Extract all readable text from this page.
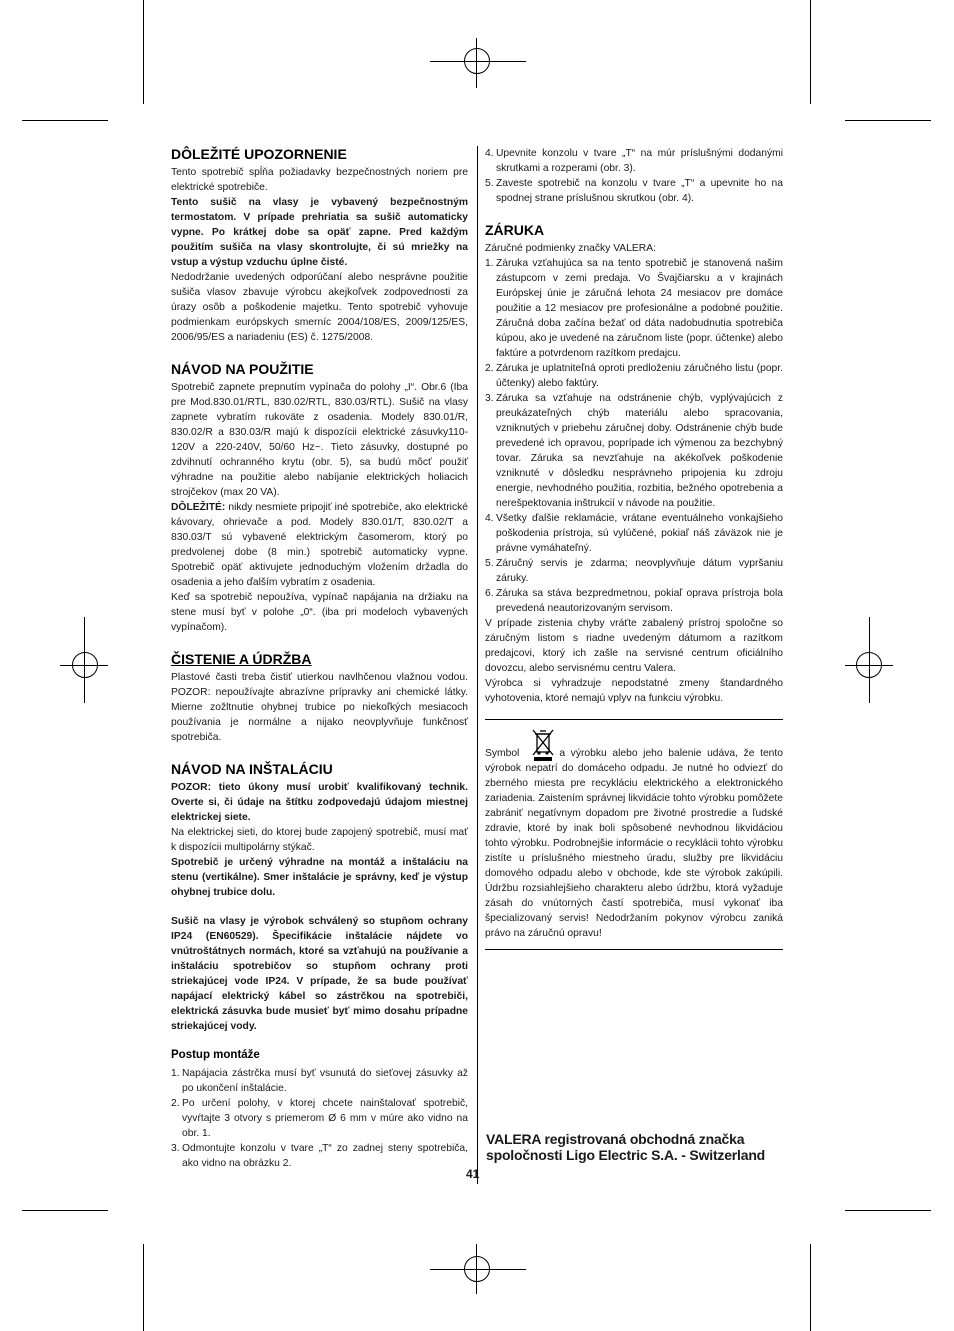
DÔLEŽITÉ UPOZORNENIE

Tento spotrebič spĺňa požiadavky bezpečnostných noriem pre elektrické spotrebiče.

Tento sušič na vlasy je vybavený bezpečnostným termostatom. V prípade prehriatia sa sušič automaticky vypne. Po krátkej dobe sa opäť zapne. Pred každým použitím sušiča na vlasy skontrolujte, či sú mriežky na vstup a výstup vzduchu úplne čisté.

Nedodržanie uvedených odporúčaní alebo nesprávne použitie sušiča vlasov zbavuje výrobcu akejkoľvek zodpovednosti za úrazy osôb a poškodenie majetku. Tento spotrebič vyhovuje podmienkam európskych smerníc 2004/108/ES, 2009/125/ES, 2006/95/ES a nariadeniu (ES) č. 1275/2008.

NÁVOD NA POUŽITIE

Spotrebič zapnete prepnutím vypínača do polohy „I“. Obr.6 (Iba pre Mod.830.01/RTL, 830.02/RTL, 830.03/RTL). Sušič na vlasy zapnete vybratím rukoväte z osadenia. Modely 830.01/R, 830.02/R a 830.03/R majú k dispozícii elektrické zásuvky110-120V a 220-240V, 50/60 Hz~. Tieto zásuvky, dostupné po zdvihnutí ochranného krytu (obr. 5), sa budú môcť použiť výhradne na použitie alebo nabíjanie elektrických holiacich strojčekov (max 20 VA).

DÔLEŽITÉ: nikdy nesmiete pripojiť iné spotrebiče, ako elektrické kávovary, ohrievače a pod. Modely 830.01/T, 830.02/T a 830.03/T sú vybavené elektrickým časomerom, ktorý po predvolenej dobe (8 min.) spotrebič automaticky vypne. Spotrebič opäť aktivujete jednoduchým vložením držadla do osadenia a jeho ďalším vybratím z osadenia.

Keď sa spotrebič nepoužíva, vypínač napájania na držiaku na stene musí byť v polohe „0“. (iba pri modeloch vybavených vypínačom).

ČISTENIE A ÚDRŽBA

Plastové časti treba čistiť utierkou navlhčenou vlažnou vodou. POZOR: nepoužívajte abrazívne prípravky ani chemické látky. Mierne zožltnutie ohybnej trubice po niekoľkých mesiacoch používania je normálne a nijako neovplyvňuje funkčnosť spotrebiča.

NÁVOD NA INŠTALÁCIU

POZOR: tieto úkony musí urobiť kvalifikovaný technik. Overte si, či údaje na štítku zodpovedajú údajom miestnej elektrickej siete.

Na elektrickej sieti, do ktorej bude zapojený spotrebič, musí mať k dispozícii multipolárny stýkač.

Spotrebič je určený výhradne na montáž a inštaláciu na stenu (vertikálne). Smer inštalácie je správny, keď je výstup ohybnej trubice dolu.

Sušič na vlasy je výrobok schválený so stupňom ochrany IP24 (EN60529). Špecifikácie inštalácie nájdete vo vnútroštátnych normách, ktoré sa vzťahujú na používanie a inštaláciu spotrebičov so stupňom ochrany proti striekajúcej vode IP24. V prípade, že sa bude používať napájací elektrický kábel so zástrčkou na spotrebiči, elektrická zásuvka bude musieť byť mimo dosahu prípadne striekajúcej vody.

Postup montáže
1. Napájacia zástrčka musí byť vsunutá do sieťovej zásuvky až po ukončení inštalácie.
2. Po určení polohy, v ktorej chcete nainštalovať spotrebič, vyvŕtajte 3 otvory s priemerom Ø 6 mm v múre ako vidno na obr. 1.
3. Odmontujte konzolu v tvare „T“ zo zadnej steny spotrebiča, ako vidno na obrázku 2.
4. Upevnite konzolu v tvare „T“ na múr príslušnými dodanými skrutkami a rozperami (obr. 3).
5. Zaveste spotrebič na konzolu v tvare „T“ a upevnite ho na spodnej strane príslušnou skrutkou (obr. 4).
ZÁRUKA

Záručné podmienky značky VALERA:

1. Záruka vzťahujúca sa na tento spotrebič je stanovená našim zástupcom v zemi predaja. Vo Švajčiarsku a v krajinách Európskej únie je záručná lehota 24 mesiacov pre domáce použitie a 12 mesiacov pre profesionálne a podobné použitie. Záručná doba začína bežať od dáta nadobudnutia spotrebiča kúpou, ako je uvedené na záručnom liste (popr. účtenke) alebo faktúre a potvrdenom razítkom predajcu.
2. Záruka je uplatniteľná oproti predloženiu záručného listu (popr. účtenky) alebo faktúry.
3. Záruka sa vzťahuje na odstránenie chýb, vyplývajúcich z preukázateľných chýb materiálu alebo spracovania, vzniknutých v priebehu záručnej doby. Odstránenie chýb bude prevedené ich opravou, poprípade ich výmenou za bezchybný tovar. Záruka sa nevzťahuje na akékoľvek poškodenie vzniknuté v dôsledku nesprávneho pripojenia ku zdroju energie, nevhodného použitia, rozbitia, bežného opotrebenia a nerešpektovania inštrukcií v návode na použitie.
4. Všetky ďalšie reklamácie, vrátane eventuálneho vonkajšieho poškodenia prístroja, sú vylúčené, pokiaľ náš záväzok nie je právne vymáhateľný.
5. Záručný servis je zdarma; neovplyvňuje dátum vypršaniu záruky.
6. Záruka sa stáva bezpredmetnou, pokiaľ oprava prístroja bola prevedená neautorizovaným servisom.

V prípade zistenia chyby vráťte zabalený prístroj spoločne so záručným listom s riadne uvedeným dátumom a razítkom predajcovi, ktorý ich zašle na servisné centrum oficiálního dovozcu, alebo servisnému centru Valera.

Výrobca si vyhradzuje nepodstatné zmeny štandardného vyhotovenia, ktoré nemajú vplyv na funkciu výrobku.

Symbol	a výrobku alebo jeho balenie udáva, že tento výrobok nepatrí do domáceho odpadu. Je nutné ho odviezť do zberného miesta pre recykláciu elektrického a elektronického zariadenia. Zaistením správnej likvidácie tohto výrobku pomôžete zabrániť negatívnym dopadom pre životné prostredie a ľudské zdravie, ktoré by inak boli spôsobené nevhodnou likvidáciou tohto výrobku. Podrobnejšie informácie o recyklácii tohto výrobku zistíte u príslušného miestneho úradu, služby pre likvidáciu domového odpadu alebo v obchode, kde ste výrobok zakúpili. Údržbu rozsiahlejšieho charakteru alebo údržbu, ktorá vyžaduje zásah do vnútorných častí spotrebiča, musí vykonať iba špecializovaný servis! Nedodržaním pokynov výrobcu zaniká právo na záručnú opravu!

VALERA registrovaná obchodná značka
spoločnosti Ligo Electric S.A. - Switzerland
41
